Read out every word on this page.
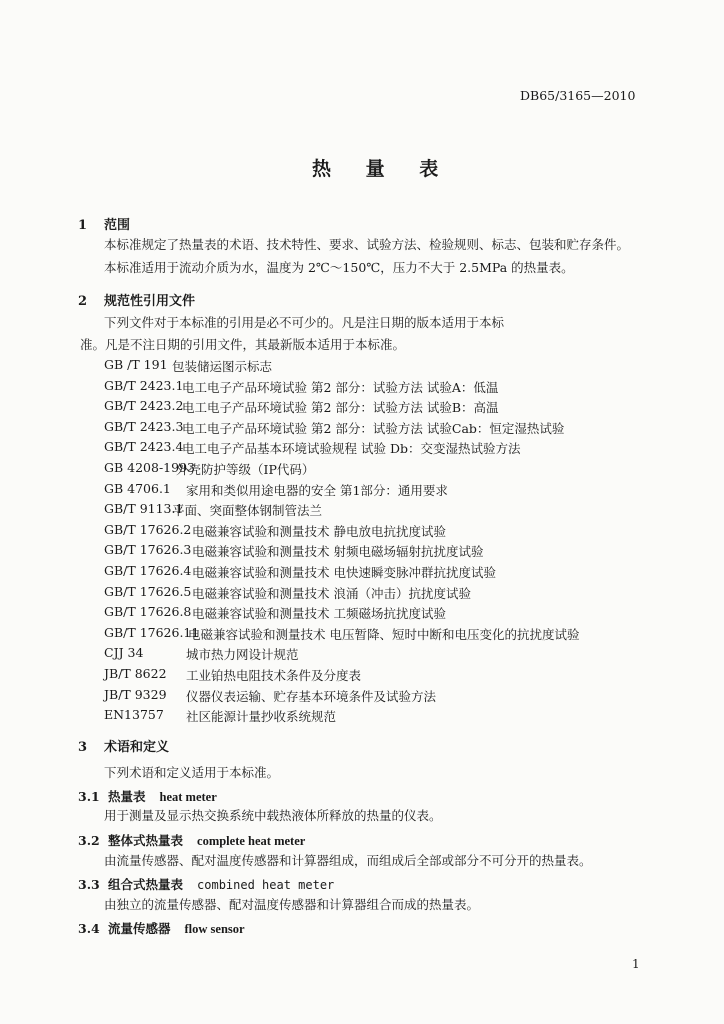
DB65/3165—2010
热 量 表
1 范围
本标准规定了热量表的术语、技术特性、要求、试验方法、检验规则、标志、包装和贮存条件。
本标准适用于流动介质为水，温度为 2℃～150℃，压力不大于 2.5MPa 的热量表。
2 规范性引用文件
下列文件对于本标准的引用是必不可少的。凡是注日期的版本适用于本标
准。凡是不注日期的引用文件，其最新版本适用于本标准。
GB /T 191 包装储运图示标志
GB/T 2423.1
电工电子产品环境试验 第2 部分：试验方法 试验A：低温
GB/T 2423.2
电工电子产品环境试验 第2 部分：试验方法 试验B：高温
GB/T 2423.3
电工电子产品环境试验 第2 部分：试验方法 试验Cab：恒定湿热试验
GB/T 2423.4
电工电子产品基本环境试验规程 试验 Db：交变湿热试验方法
GB 4208-1993
外壳防护等级（IP代码）
GB 4706.1 家用和类似用途电器的安全 第1部分：通用要求
GB/T 9113.1
平面、突面整体钢制管法兰
GB/T 17626.2 电磁兼容试验和测量技术 静电放电抗扰度试验
GB/T 17626.3 电磁兼容试验和测量技术 射频电磁场辐射抗扰度试验
GB/T 17626.4 电磁兼容试验和测量技术 电快速瞬变脉冲群抗扰度试验
GB/T 17626.5 电磁兼容试验和测量技术 浪涌（冲击）抗扰度试验
GB/T 17626.8 电磁兼容试验和测量技术 工频磁场抗扰度试验
GB/T 17626.11
电磁兼容试验和测量技术 电压暂降、短时中断和电压变化的抗扰度试验
CJJ 34	城市热力网设计规范
JB/T 8622 工业铂热电阻技术条件及分度表
JB/T 9329 仪器仪表运输、贮存基本环境条件及试验方法
EN13757 社区能源计量抄收系统规范
3 术语和定义
下列术语和定义适用于本标准。
3.1 热量表 heat meter
用于测量及显示热交换系统中载热液体所释放的热量的仪表。
3.2 整体式热量表 complete heat meter
由流量传感器、配对温度传感器和计算器组成，而组成后全部或部分不可分开的热量表。
3.3 组合式热量表 combined heat meter
由独立的流量传感器、配对温度传感器和计算器组合而成的热量表。
3.4 流量传感器 flow sensor
1
